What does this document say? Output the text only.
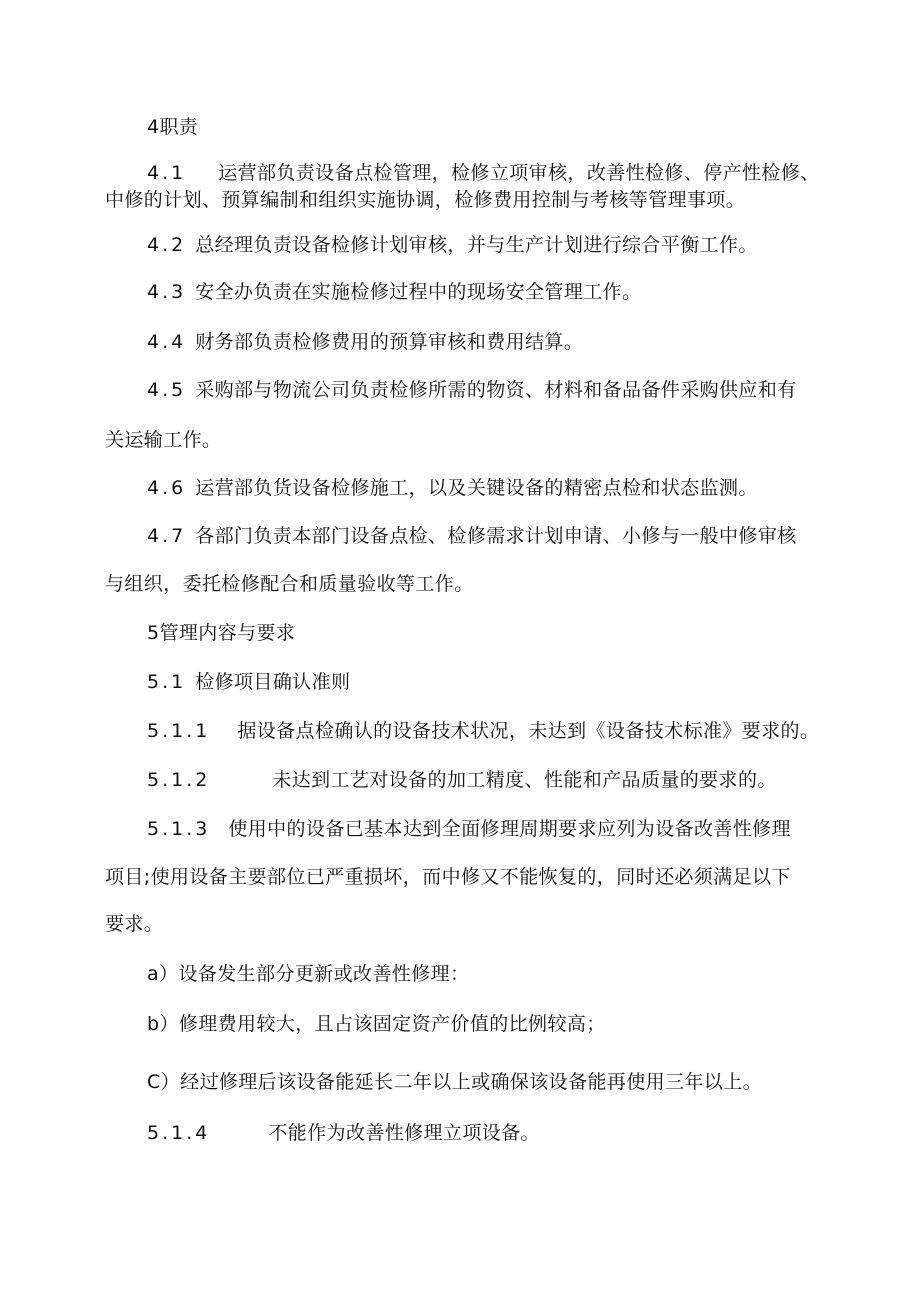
4职责
4.1 运营部负责设备点检管理，检修立项审核，改善性检修、停产性检修、
中修的计划、预算编制和组织实施协调，检修费用控制与考核等管理事项。
4.2 总经理负责设备检修计划审核，并与生产计划进行综合平衡工作。
4.3 安全办负责在实施检修过程中的现场安全管理工作。
4.4 财务部负责检修费用的预算审核和费用结算。
4.5 采购部与物流公司负责检修所需的物资、材料和备品备件采购供应和有
关运输工作。
4.6 运营部负货设备检修施工，以及关键设备的精密点检和状态监测。
4.7 各部门负责本部门设备点检、检修需求计划申请、小修与一般中修审核
与组织，委托检修配合和质量验收等工作。
5管理内容与要求
5.1 检修项目确认准则
5.1.1 据设备点检确认的设备技术状况，未达到《设备技术标准》要求的。
5.1.2	未达到工艺对设备的加工精度、性能和产品质量的要求的。
5.1.3 使用中的设备已基本达到全面修理周期要求应列为设备改善性修理
项目;使用设备主要部位已严重损坏，而中修又不能恢复的，同时还必须满足以下
要求。
a）设备发生部分更新或改善性修理：
b）修理费用较大，且占该固定资产价值的比例较高；
C）经过修理后该设备能延长二年以上或确保该设备能再使用三年以上。
5.1.4	不能作为改善性修理立项设备。
